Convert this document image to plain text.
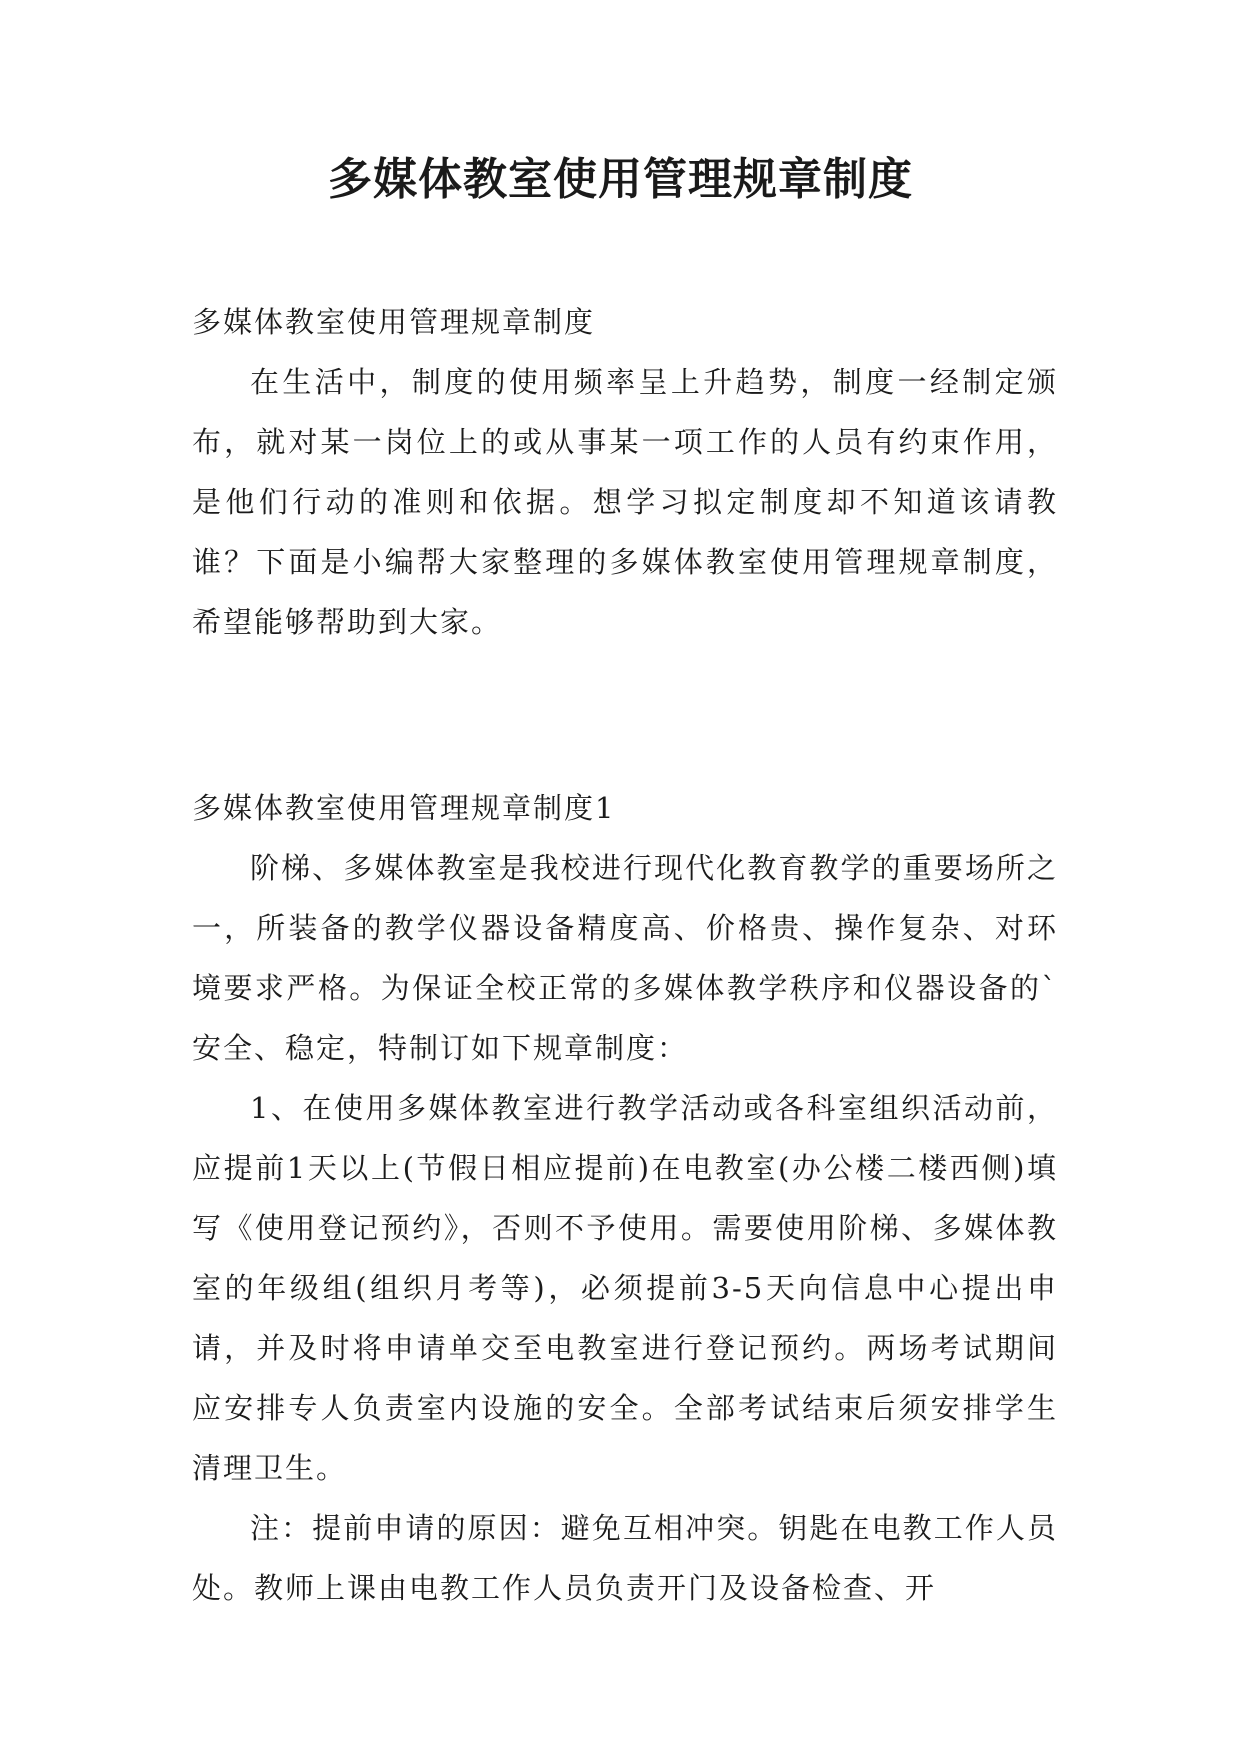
多媒体教室使用管理规章制度

多媒体教室使用管理规章制度

在生活中，制度的使用频率呈上升趋势，制度一经制定颁布，就对某一岗位上的或从事某一项工作的人员有约束作用，是他们行动的准则和依据。想学习拟定制度却不知道该请教谁？下面是小编帮大家整理的多媒体教室使用管理规章制度，希望能够帮助到大家。

多媒体教室使用管理规章制度1

阶梯、多媒体教室是我校进行现代化教育教学的重要场所之一，所装备的教学仪器设备精度高、价格贵、操作复杂、对环境要求严格。为保证全校正常的多媒体教学秩序和仪器设备的`安全、稳定，特制订如下规章制度：

1、在使用多媒体教室进行教学活动或各科室组织活动前，应提前1天以上(节假日相应提前)在电教室(办公楼二楼西侧)填写《使用登记预约》，否则不予使用。需要使用阶梯、多媒体教室的年级组(组织月考等)，必须提前3-5天向信息中心提出申请，并及时将申请单交至电教室进行登记预约。两场考试期间应安排专人负责室内设施的安全。全部考试结束后须安排学生清理卫生。

注：提前申请的原因：避免互相冲突。钥匙在电教工作人员处。教师上课由电教工作人员负责开门及设备检查、开
